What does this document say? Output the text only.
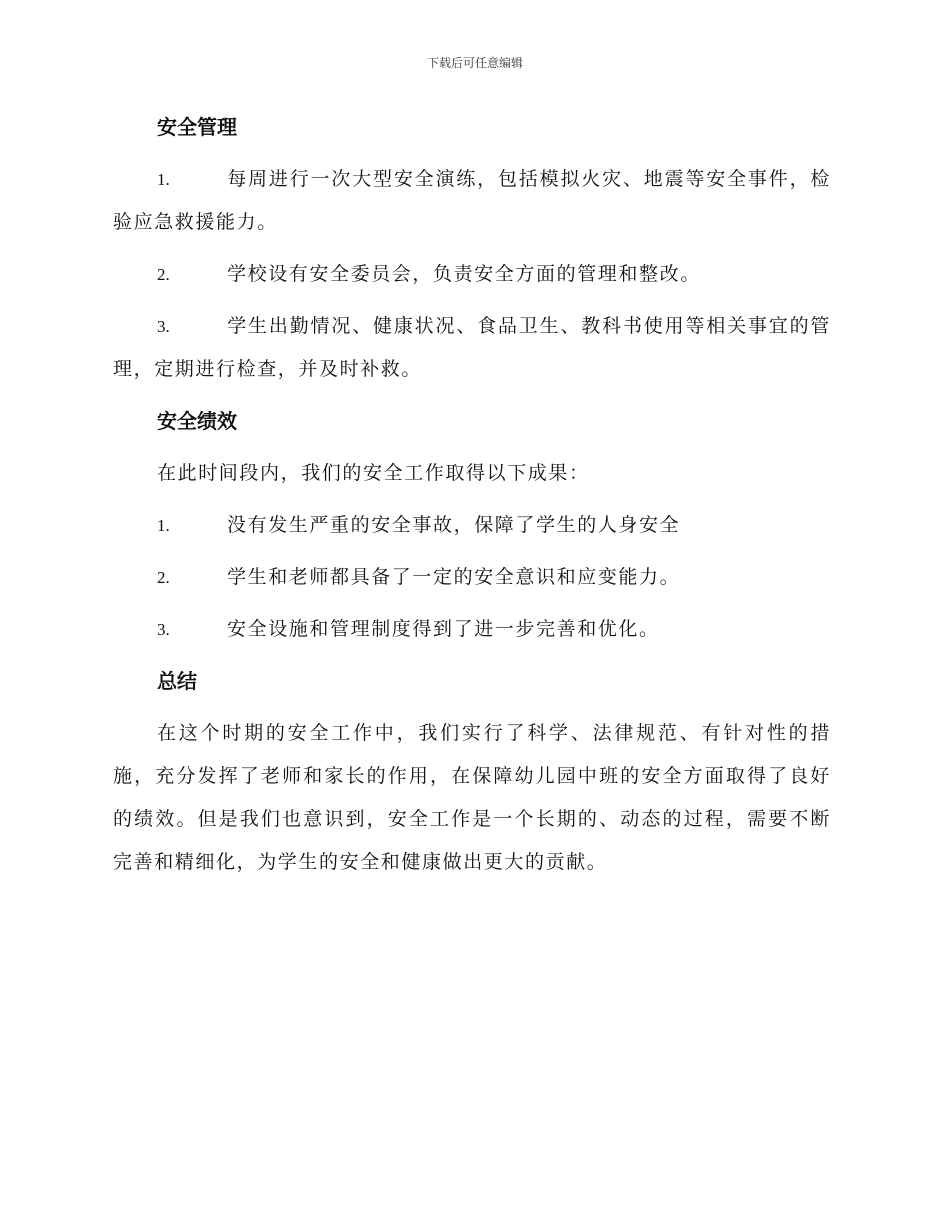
下载后可任意编辑
安全管理

1.	每周进行一次大型安全演练，包括模拟火灾、地震等安全事件，检验应急救援能力。

2.	学校设有安全委员会，负责安全方面的管理和整改。

3.	学生出勤情况、健康状况、食品卫生、教科书使用等相关事宜的管理，定期进行检查，并及时补救。

安全绩效

在此时间段内，我们的安全工作取得以下成果：

1.	没有发生严重的安全事故，保障了学生的人身安全

2.	学生和老师都具备了一定的安全意识和应变能力。

3.	安全设施和管理制度得到了进一步完善和优化。

总结

在这个时期的安全工作中，我们实行了科学、法律规范、有针对性的措施，充分发挥了老师和家长的作用，在保障幼儿园中班的安全方面取得了良好的绩效。但是我们也意识到，安全工作是一个长期的、动态的过程，需要不断完善和精细化，为学生的安全和健康做出更大的贡献。
